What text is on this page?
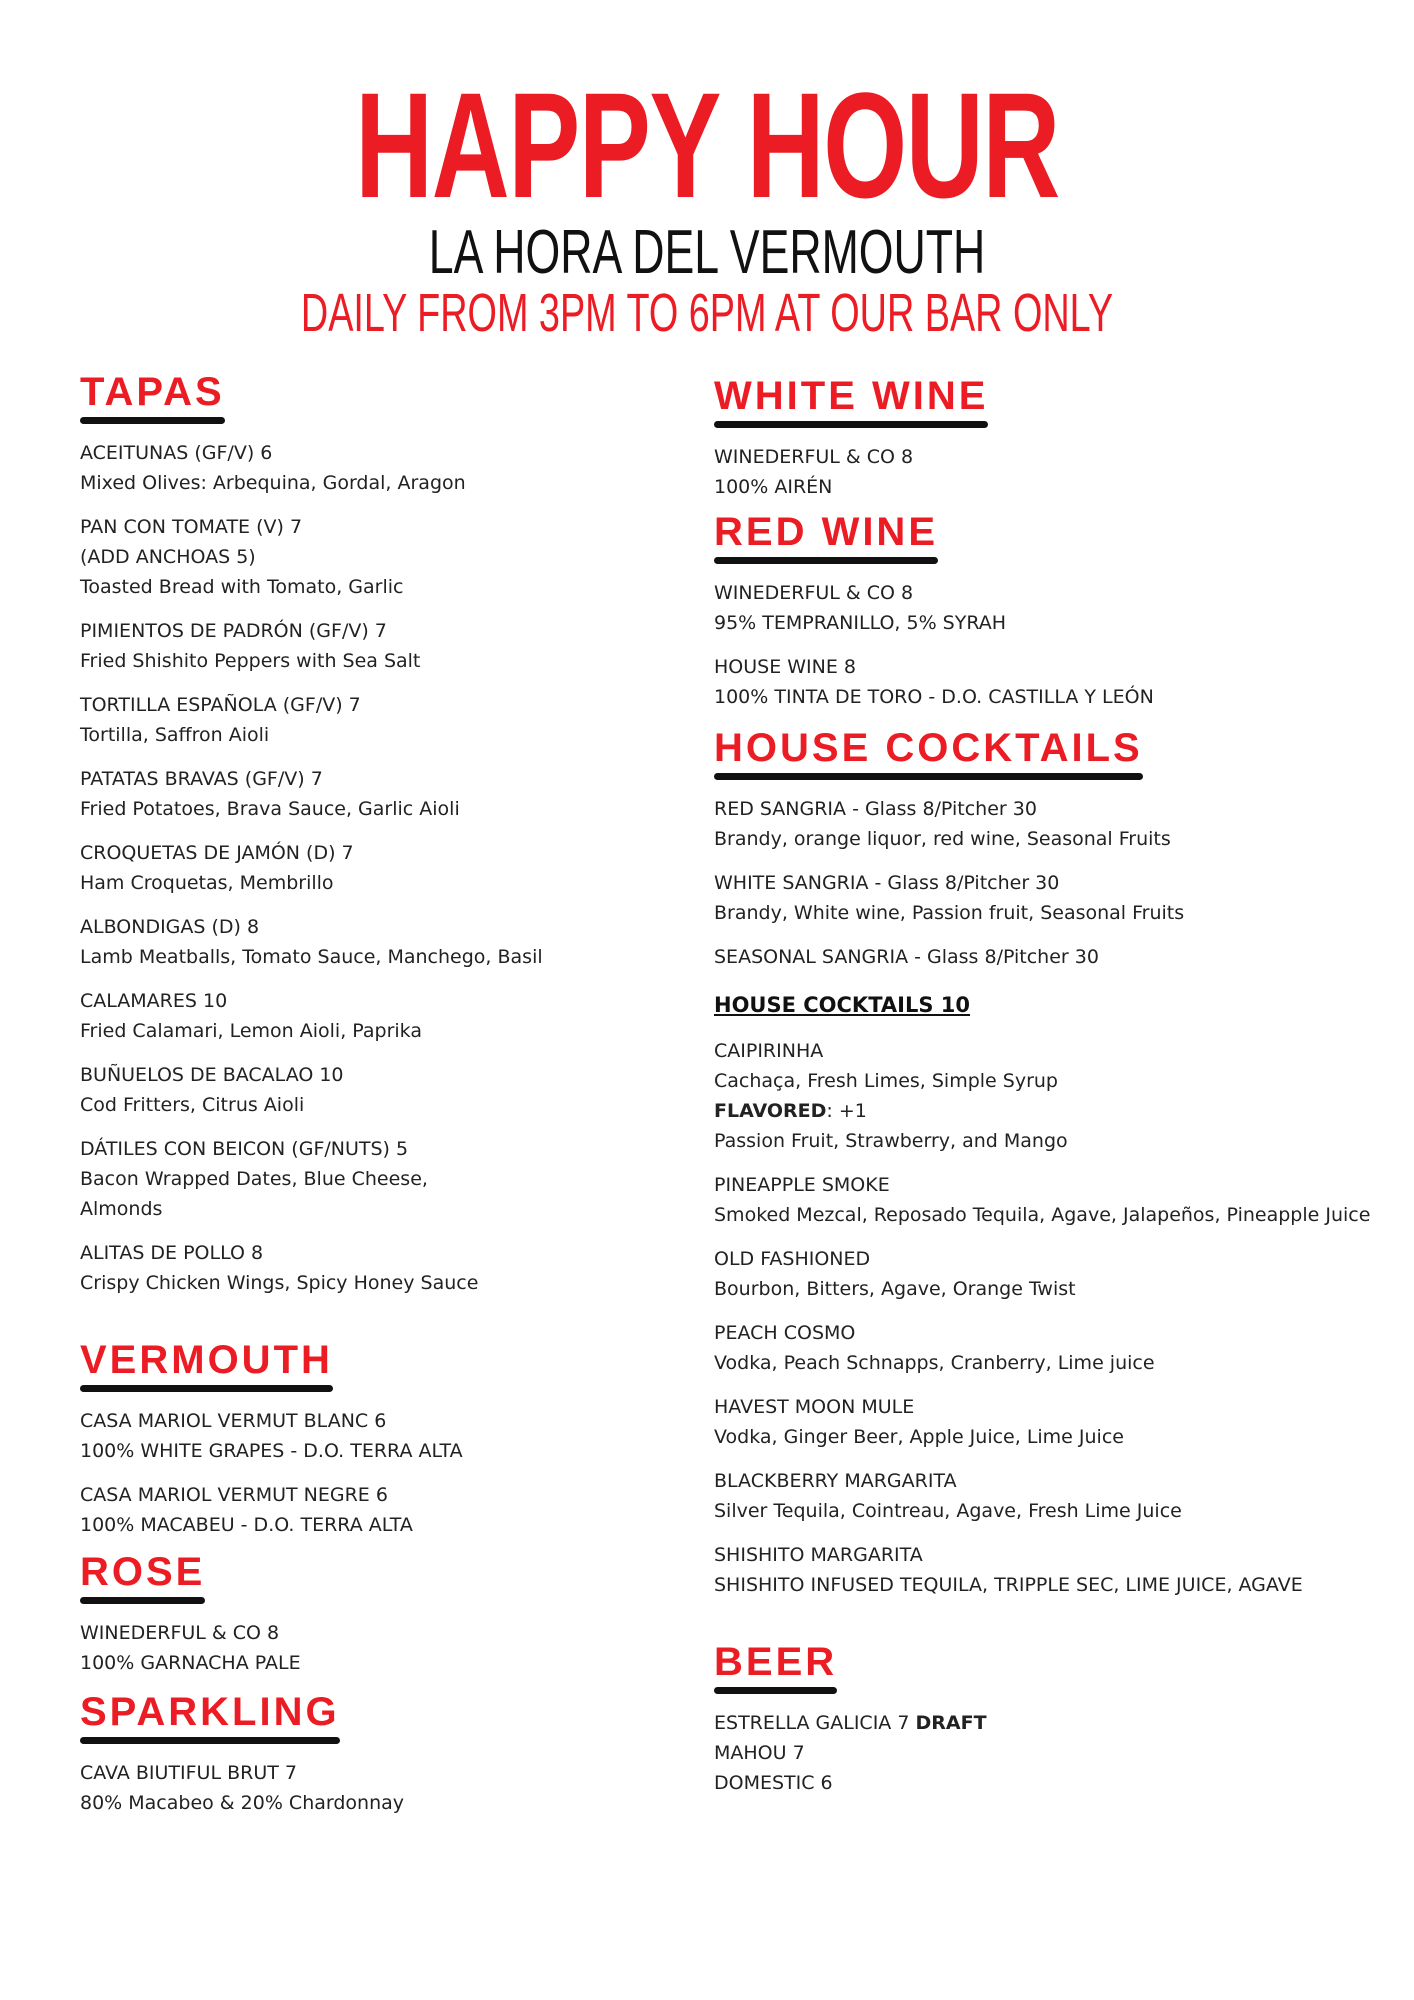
HAPPY HOUR
LA HORA DEL VERMOUTH
DAILY FROM 3PM TO 6PM AT OUR BAR ONLY
TAPAS
ACEITUNAS (GF/V) 6
Mixed Olives: Arbequina, Gordal, Aragon
PAN CON TOMATE (V) 7
(ADD ANCHOAS 5)
Toasted Bread with Tomato, Garlic
PIMIENTOS DE PADRÓN (GF/V) 7
Fried Shishito Peppers with Sea Salt
TORTILLA ESPAÑOLA (GF/V) 7
Tortilla, Saffron Aioli
PATATAS BRAVAS (GF/V) 7
Fried Potatoes, Brava Sauce, Garlic Aioli
CROQUETAS DE JAMÓN (D) 7
Ham Croquetas, Membrillo
ALBONDIGAS (D) 8
Lamb Meatballs, Tomato Sauce, Manchego, Basil
CALAMARES 10
Fried Calamari, Lemon Aioli, Paprika
BUÑUELOS DE BACALAO 10
Cod Fritters, Citrus Aioli
DÁTILES CON BEICON (GF/NUTS) 5
Bacon Wrapped Dates, Blue Cheese,
Almonds
ALITAS DE POLLO 8
Crispy Chicken Wings, Spicy Honey Sauce
VERMOUTH
CASA MARIOL VERMUT BLANC 6
100% WHITE GRAPES - D.O. TERRA ALTA
CASA MARIOL VERMUT NEGRE 6
100% MACABEU - D.O. TERRA ALTA
ROSE
WINEDERFUL & CO 8
100% GARNACHA PALE
SPARKLING
CAVA BIUTIFUL BRUT 7
80% Macabeo & 20% Chardonnay
WHITE WINE
WINEDERFUL & CO 8
100% AIRÉN
RED WINE
WINEDERFUL & CO 8
95% TEMPRANILLO, 5% SYRAH
HOUSE WINE 8
100% TINTA DE TORO - D.O. CASTILLA Y LEÓN
HOUSE COCKTAILS
RED SANGRIA - Glass 8/Pitcher 30
Brandy, orange liquor, red wine, Seasonal Fruits
WHITE SANGRIA - Glass 8/Pitcher 30
Brandy, White wine, Passion fruit, Seasonal Fruits
SEASONAL SANGRIA - Glass 8/Pitcher 30
HOUSE COCKTAILS 10
CAIPIRINHA
Cachaça, Fresh Limes, Simple Syrup
FLAVORED: +1
Passion Fruit, Strawberry, and Mango
PINEAPPLE SMOKE
Smoked Mezcal, Reposado Tequila, Agave, Jalapeños, Pineapple Juice
OLD FASHIONED
Bourbon, Bitters, Agave, Orange Twist
PEACH COSMO
Vodka, Peach Schnapps, Cranberry, Lime juice
HAVEST MOON MULE
Vodka, Ginger Beer, Apple Juice, Lime Juice
BLACKBERRY MARGARITA
Silver Tequila, Cointreau, Agave, Fresh Lime Juice
SHISHITO MARGARITA
SHISHITO INFUSED TEQUILA, TRIPPLE SEC, LIME JUICE, AGAVE
BEER
ESTRELLA GALICIA 7 DRAFT
MAHOU 7
DOMESTIC 6
